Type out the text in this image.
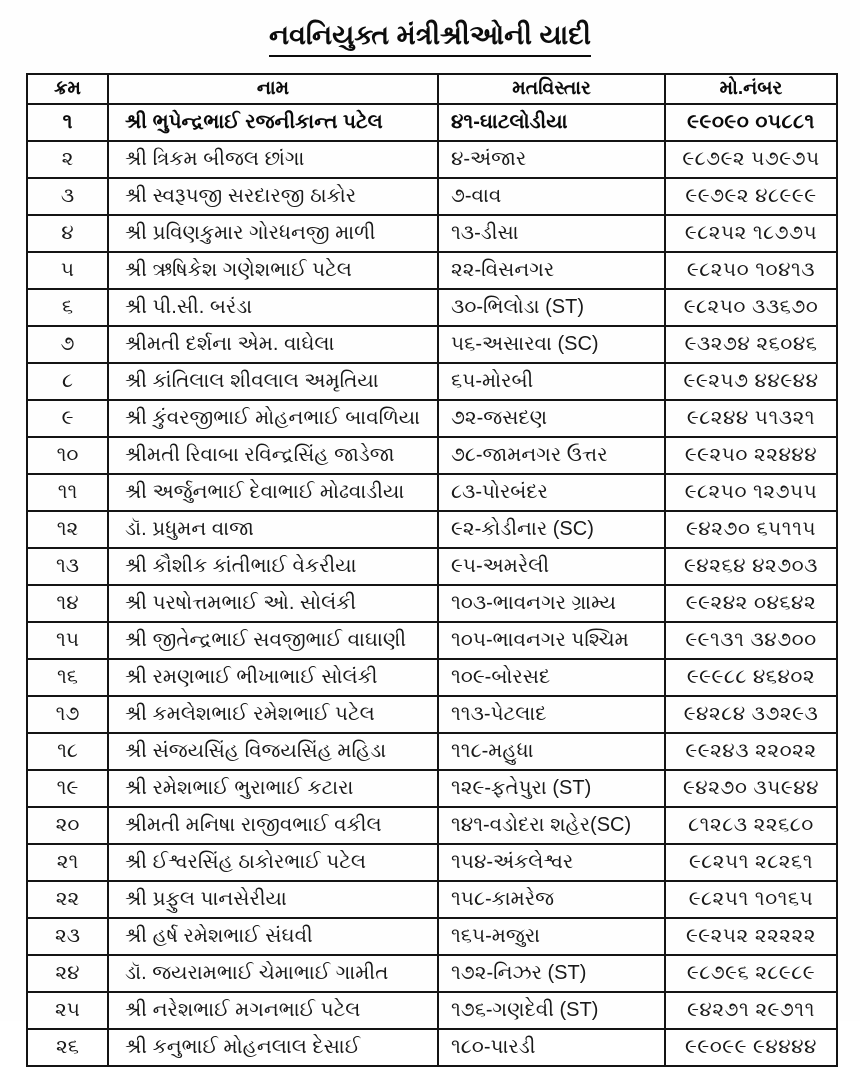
નવનિયુક્ત મંત્રીશ્રીઓની યાદી
ક્રમ	નામ	મતવિસ્તાર	મો.નંબર
૧	શ્રી ભુપેન્દ્રભાઈ રજનીકાન્ત પટેલ	૪૧-ઘાટલોડીયા	૯૯૦૯૦ ૦૫૮૮૧
૨	શ્રી ત્રિકમ બીજલ છાંગા	૪-અંજાર	૯૮૭૯૨ ૫૭૯૭૫
૩	શ્રી સ્વરૂપજી સરદારજી ઠાકોર	૭-વાવ	૯૯૭૯૨ ૪૮૯૯૯
૪	શ્રી પ્રવિણકુમાર ગોરધનજી માળી	૧૩-ડીસા	૯૮૨૫૨ ૧૮૭૭૫
૫	શ્રી ઋષિકેશ ગણેશભાઈ પટેલ	૨૨-વિસનગર	૯૮૨૫૦ ૧૦૪૧૩
૬	શ્રી પી.સી. બરંડા	૩૦-ભિલોડા (ST)	૯૮૨૫૦ ૩૩૬૭૦
૭	શ્રીમતી દર્શના એમ. વાઘેલા	૫૬-અસારવા (SC)	૯૩૨૭૪ ૨૬૦૪૬
૮	શ્રી કાંતિલાલ શીવલાલ અમૃતિયા	૬૫-મોરબી	૯૯૨૫૭ ૪૪૯૪૪
૯	શ્રી કુંવરજીભાઈ મોહનભાઈ બાવળિયા	૭૨-જસદણ	૯૮૨૪૪ ૫૧૩૨૧
૧૦	શ્રીમતી રિવાબા રવિન્દ્રસિંહ જાડેજા	૭૮-જામનગર ઉત્તર	૯૯૨૫૦ ૨૨૪૪૪
૧૧	શ્રી અર્જુનભાઈ દેવાભાઈ મોઢવાડીયા	૮૩-પોરબંદર	૯૮૨૫૦ ૧૨૭૫૫
૧૨	ડૉ. પ્રધુમન વાજા	૯૨-કોડીનાર (SC)	૯૪૨૭૦ ૬૫૧૧૫
૧૩	શ્રી કૌશીક કાંતીભાઈ વેકરીયા	૯૫-અમરેલી	૯૪૨૬૪ ૪૨૭૦૩
૧૪	શ્રી પરષોત્તમભાઈ ઓ. સોલંકી	૧૦૩-ભાવનગર ગ્રામ્ય	૯૯૨૪૨ ૦૪૬૪૨
૧૫	શ્રી જીતેન્દ્રભાઈ સવજીભાઈ વાઘાણી	૧૦૫-ભાવનગર પશ્ચિમ	૯૯૧૩૧ ૩૪૭૦૦
૧૬	શ્રી રમણભાઈ ભીખાભાઈ સોલંકી	૧૦૯-બોરસદ	૯૯૯૮૮ ૪૬૪૦૨
૧૭	શ્રી કમલેશભાઈ રમેશભાઈ પટેલ	૧૧૩-પેટલાદ	૯૪૨૮૪ ૩૭૨૯૩
૧૮	શ્રી સંજયસિંહ વિજયસિંહ મહિડા	૧૧૮-મહુધા	૯૯૨૪૩ ૨૨૦૨૨
૧૯	શ્રી રમેશભાઈ ભુરાભાઈ કટારા	૧૨૯-ફતેપુરા (ST)	૯૪૨૭૦ ૩૫૯૪૪
૨૦	શ્રીમતી મનિષા રાજીવભાઈ વકીલ	૧૪૧-વડોદરા શહેર(SC)	૮૧૨૮૩ ૨૨૬૮૦
૨૧	શ્રી ઈશ્વરસિંહ ઠાકોરભાઈ પટેલ	૧૫૪-અંકલેશ્વર	૯૮૨૫૧ ૨૮૨૬૧
૨૨	શ્રી પ્રફુલ પાનસેરીયા	૧૫૮-કામરેજ	૯૮૨૫૧ ૧૦૧૬૫
૨૩	શ્રી હર્ષ રમેશભાઈ સંઘવી	૧૬૫-મજુરા	૯૯૨૫૨ ૨૨૨૨૨
૨૪	ડૉ. જયરામભાઈ ચેમાભાઈ ગામીત	૧૭૨-નિઝર (ST)	૯૮૭૯૬ ૨૮૯૮૯
૨૫	શ્રી નરેશભાઈ મગનભાઈ પટેલ	૧૭૬-ગણદેવી (ST)	૯૪૨૭૧ ૨૯૭૧૧
૨૬	શ્રી કનુભાઈ મોહનલાલ દેસાઈ	૧૮૦-પારડી	૯૯૦૯૯ ૯૪૪૪૪
